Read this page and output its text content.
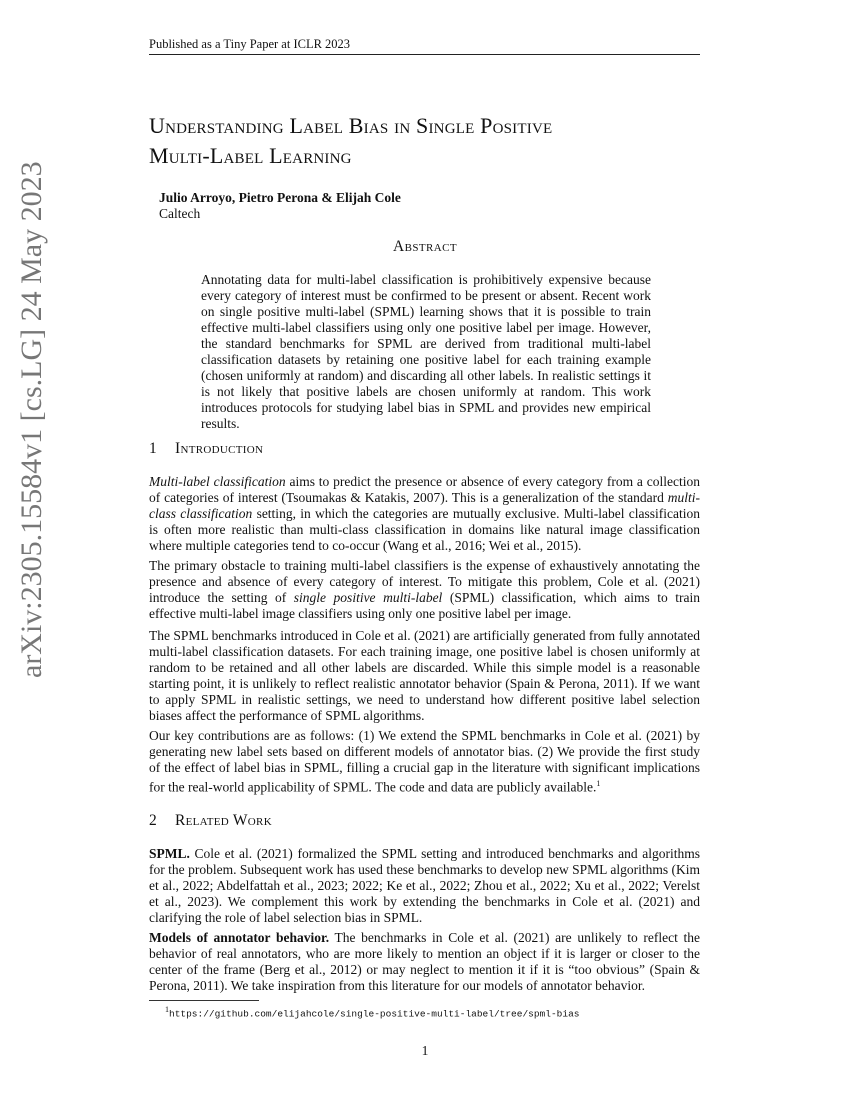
Published as a Tiny Paper at ICLR 2023
arXiv:2305.15584v1 [cs.LG] 24 May 2023
Understanding Label Bias in Single Positive
Multi-Label Learning
Julio Arroyo, Pietro Perona & Elijah Cole
Caltech
Abstract

Annotating data for multi-label classification is prohibitively expensive because every category of interest must be confirmed to be present or absent. Recent work on single positive multi-label (SPML) learning shows that it is possible to train effective multi-label classifiers using only one positive label per image. However, the standard benchmarks for SPML are derived from traditional multi-label classification datasets by retaining one positive label for each training example (chosen uniformly at random) and discarding all other labels. In realistic settings it is not likely that positive labels are chosen uniformly at random. This work introduces protocols for studying label bias in SPML and provides new empirical results.

1 Introduction

Multi-label classification aims to predict the presence or absence of every category from a collection of categories of interest (Tsoumakas & Katakis, 2007). This is a generalization of the standard multi-class classification setting, in which the categories are mutually exclusive. Multi-label classification is often more realistic than multi-class classification in domains like natural image classification where multiple categories tend to co-occur (Wang et al., 2016; Wei et al., 2015).

The primary obstacle to training multi-label classifiers is the expense of exhaustively annotating the presence and absence of every category of interest. To mitigate this problem, Cole et al. (2021) introduce the setting of single positive multi-label (SPML) classification, which aims to train effective multi-label image classifiers using only one positive label per image.

The SPML benchmarks introduced in Cole et al. (2021) are artificially generated from fully annotated multi-label classification datasets. For each training image, one positive label is chosen uniformly at random to be retained and all other labels are discarded. While this simple model is a reasonable starting point, it is unlikely to reflect realistic annotator behavior (Spain & Perona, 2011). If we want to apply SPML in realistic settings, we need to understand how different positive label selection biases affect the performance of SPML algorithms.

Our key contributions are as follows: (1) We extend the SPML benchmarks in Cole et al. (2021) by generating new label sets based on different models of annotator bias. (2) We provide the first study of the effect of label bias in SPML, filling a crucial gap in the literature with significant implications for the real-world applicability of SPML. The code and data are publicly available.$^1$

2 Related Work

SPML. Cole et al. (2021) formalized the SPML setting and introduced benchmarks and algorithms for the problem. Subsequent work has used these benchmarks to develop new SPML algorithms (Kim et al., 2022; Abdelfattah et al., 2023; 2022; Ke et al., 2022; Zhou et al., 2022; Xu et al., 2022; Verelst et al., 2023). We complement this work by extending the benchmarks in Cole et al. (2021) and clarifying the role of label selection bias in SPML.

Models of annotator behavior. The benchmarks in Cole et al. (2021) are unlikely to reflect the behavior of real annotators, who are more likely to mention an object if it is larger or closer to the center of the frame (Berg et al., 2012) or may neglect to mention it if it is “too obvious” (Spain & Perona, 2011). We take inspiration from this literature for our models of annotator behavior.

$^1$https://github.com/elijahcole/single-positive-multi-label/tree/spml-bias
1
